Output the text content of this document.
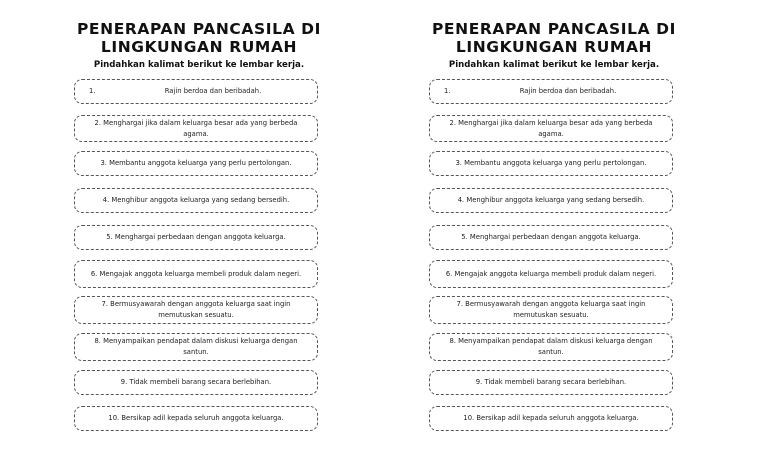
PENERAPAN PANCASILA DI
LINGKUNGAN RUMAH
Pindahkan kalimat berikut ke lembar kerja.
1.	Rajin berdoa dan beribadah.
2. Menghargai jika dalam keluarga besar ada yang berbeda agama.
3. Membantu anggota keluarga yang perlu pertolongan.
4. Menghibur anggota keluarga yang sedang bersedih.
5. Menghargai perbedaan dengan anggota keluarga.
6. Mengajak anggota keluarga membeli produk dalam negeri.
7. Bermusyawarah dengan anggota keluarga saat ingin memutuskan sesuatu.
8. Menyampaikan pendapat dalam diskusi keluarga dengan santun.
9. Tidak membeli barang secara berlebihan.
10. Bersikap adil kepada seluruh anggota keluarga.
PENERAPAN PANCASILA DI
LINGKUNGAN RUMAH
Pindahkan kalimat berikut ke lembar kerja.
1.	Rajin berdoa dan beribadah.
2. Menghargai jika dalam keluarga besar ada yang berbeda agama.
3. Membantu anggota keluarga yang perlu pertolongan.
4. Menghibur anggota keluarga yang sedang bersedih.
5. Menghargai perbedaan dengan anggota keluarga.
6. Mengajak anggota keluarga membeli produk dalam negeri.
7. Bermusyawarah dengan anggota keluarga saat ingin memutuskan sesuatu.
8. Menyampaikan pendapat dalam diskusi keluarga dengan santun.
9. Tidak membeli barang secara berlebihan.
10. Bersikap adil kepada seluruh anggota keluarga.
